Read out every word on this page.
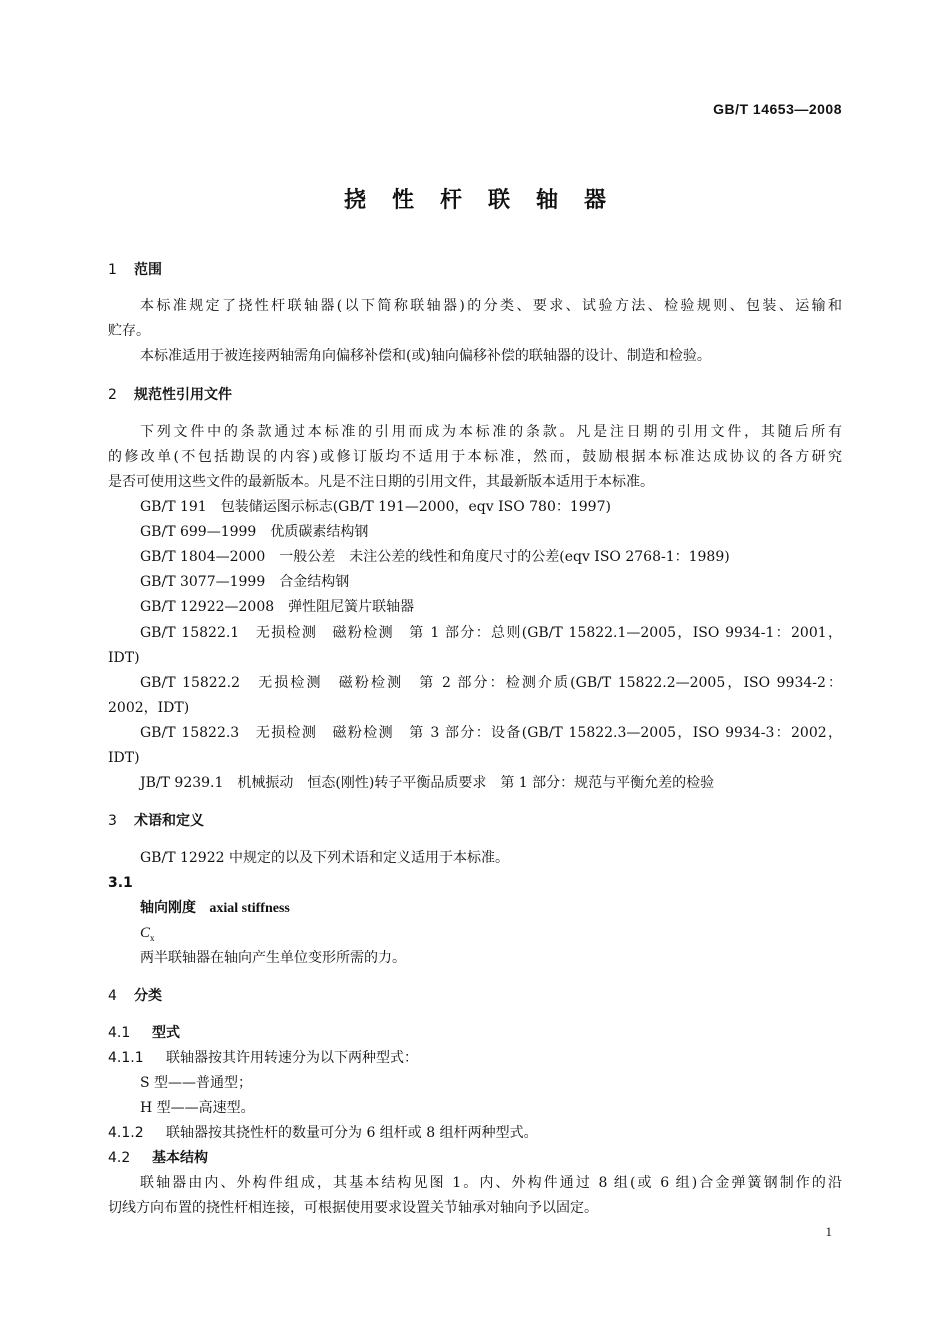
GB/T 14653—2008
挠性杆联轴器
1 范围
本标准规定了挠性杆联轴器(以下简称联轴器)的分类、要求、试验方法、检验规则、包装、运输和
贮存。
本标准适用于被连接两轴需角向偏移补偿和(或)轴向偏移补偿的联轴器的设计、制造和检验。
2 规范性引用文件
下列文件中的条款通过本标准的引用而成为本标准的条款。凡是注日期的引用文件，其随后所有
的修改单(不包括勘误的内容)或修订版均不适用于本标准，然而，鼓励根据本标准达成协议的各方研究
是否可使用这些文件的最新版本。凡是不注日期的引用文件，其最新版本适用于本标准。
GB/T 191　包装储运图示标志(GB/T 191—2000，eqv ISO 780：1997)
GB/T 699—1999　优质碳素结构钢
GB/T 1804—2000　一般公差　未注公差的线性和角度尺寸的公差(eqv ISO 2768-1：1989)
GB/T 3077—1999　合金结构钢
GB/T 12922—2008　弹性阻尼簧片联轴器
GB/T 15822.1　无损检测　磁粉检测　第 1 部分：总则(GB/T 15822.1—2005，ISO 9934-1：2001，
IDT)
GB/T 15822.2　无损检测　磁粉检测　第 2 部分：检测介质(GB/T 15822.2—2005，ISO 9934-2：
2002，IDT)
GB/T 15822.3　无损检测　磁粉检测　第 3 部分：设备(GB/T 15822.3—2005，ISO 9934-3：2002，
IDT)
JB/T 9239.1　机械振动　恒态(刚性)转子平衡品质要求　第 1 部分：规范与平衡允差的检验
3 术语和定义
GB/T 12922 中规定的以及下列术语和定义适用于本标准。
3.1
轴向刚度 axial stiffness
$C_x$
两半联轴器在轴向产生单位变形所需的力。
4 分类
4.1 型式
4.1.1 联轴器按其许用转速分为以下两种型式：
S 型——普通型；
H 型——高速型。
4.1.2 联轴器按其挠性杆的数量可分为 6 组杆或 8 组杆两种型式。
4.2 基本结构
联轴器由内、外构件组成，其基本结构见图 1。内、外构件通过 8 组(或 6 组)合金弹簧钢制作的沿
切线方向布置的挠性杆相连接，可根据使用要求设置关节轴承对轴向予以固定。
1
